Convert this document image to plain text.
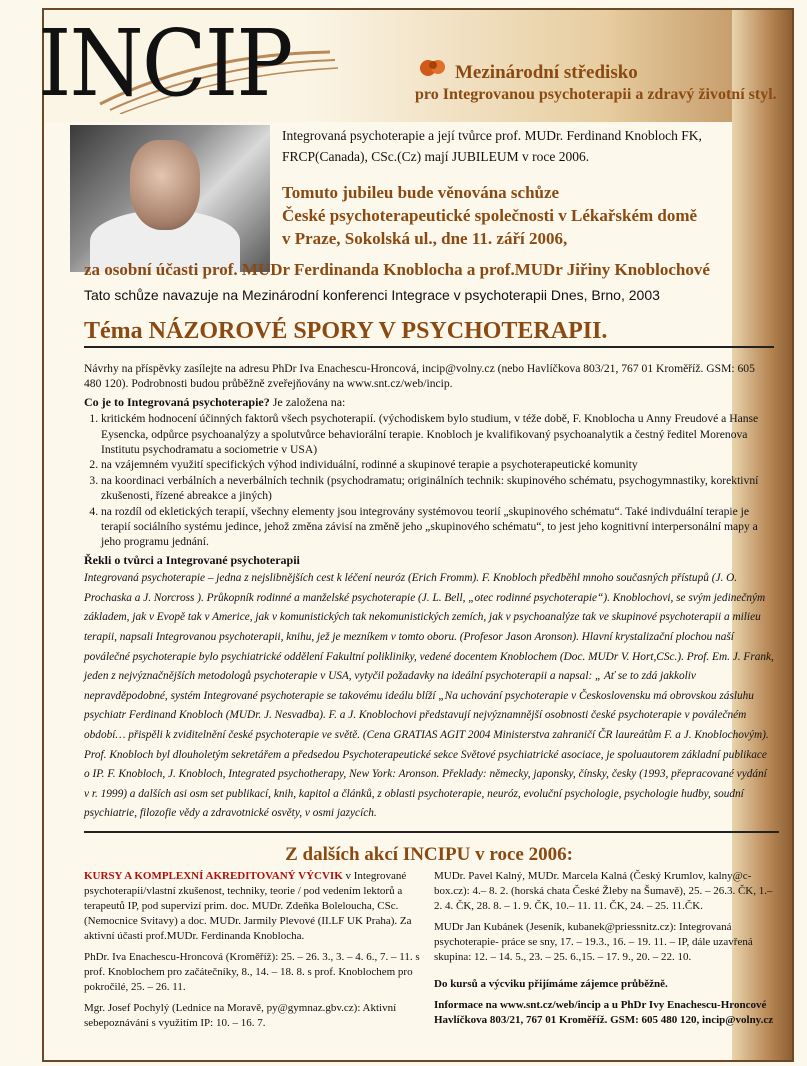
INCIP	Mezinárodní středisko
pro Integrovanou psychoterapii a zdravý životní styl.
Integrovaná psychoterapie a její tvůrce prof. MUDr. Ferdinand Knobloch FK, FRCP(Canada), CSc.(Cz) mají JUBILEUM v roce 2006.
Tomuto jubileu bude věnována schůze
České psychoterapeutické společnosti v Lékařském domě
v Praze, Sokolská ul., dne 11. září 2006,
za osobní účasti prof. MUDr Ferdinanda Knoblocha a prof.MUDr Jiřiny Knoblochové
Tato schůze navazuje na Mezinárodní konferenci Integrace v psychoterapii Dnes, Brno, 2003
Téma NÁZOROVÉ SPORY V PSYCHOTERAPII.

Návrhy na příspěvky zasílejte na adresu PhDr Iva Enachescu-Hroncová, incip@volny.cz (nebo Havlíčkova 803/21, 767 01 Kroměříž. GSM: 605 480 120). Podrobnosti budou průběžně zveřejňovány na www.snt.cz/web/incip.

Co je to Integrovaná psychoterapie? Je založena na:
1. kritickém hodnocení účinných faktorů všech psychoterapií. (východiskem bylo studium, v téže době, F. Knoblocha u Anny Freudové a Hanse Eysencka, odpůrce psychoanalýzy a spolutvůrce behaviorální terapie. Knobloch je kvalifikovaný psychoanalytik a čestný ředitel Morenova Institutu psychodramatu a sociometrie v USA)
2. na vzájemném využití specifických výhod individuální, rodinné a skupinové terapie a psychoterapeutické komunity
3. na koordinaci verbálních a neverbálních technik (psychodramatu; originálních technik: skupinového schématu, psychogymnastiky, korektivní zkušenosti, řízené abreakce a jiných)
4. na rozdíl od ekletických terapií, všechny elementy jsou integrovány systémovou teorií „skupinového schématu“. Také indivduální terapie je terapií sociálního systému jedince, jehož změna závisí na změně jeho „skupinového schématu“, to jest jeho kognitivní interpersonální mapy a jeho programu jednání.
Řekli o tvůrci a Integrované psychoterapii

Integrovaná psychoterapie – jedna z nejslibnějších cest k léčení neuróz (Erich Fromm). F. Knobloch předběhl mnoho současných přístupů (J. O. Prochaska a J. Norcross ). Průkopník rodinné a manželské psychoterapie (J. L. Bell, „otec rodinné psychoterapie“). Knoblochovi, se svým jedinečným základem, jak v Evopě tak v Americe, jak v komunistických tak nekomunistických zemích, jak v psychoanalýze tak ve skupinové psychoterapii a milieu terapii, napsali Integrovanou psychoterapii, knihu, jež je mezníkem v tomto oboru. (Profesor Jason Aronson). Hlavní krystalizační plochou naší poválečné psychoterapie bylo psychiatrické oddělení Fakultní polikliniky, vedené docentem Knoblochem (Doc. MUDr V. Hort,CSc.). Prof. Em. J. Frank, jeden z nejvýznačnějších metodologů psychoterapie v USA, vytyčil požadavky na ideální psychoterapii a napsal: „ Ať se to zdá jakkoliv nepravděpodobné, systém Integrované psychoterapie se takovému ideálu blíží „Na uchování psychoterapie v Československu má obrovskou zásluhu psychiatr Ferdinand Knobloch (MUDr. J. Nesvadba). F. a J. Knoblochovi představují nejvýznamnější osobnosti české psychoterapie v poválečném období… přispěli k zviditelnění české psychoterapie ve světě. (Cena GRATIAS AGIT 2004 Ministerstva zahraničí ČR laureátům F. a J. Knoblochovým).

Prof. Knobloch byl dlouholetým sekretářem a předsedou Psychoterapeutické sekce Světové psychiatrické asociace, je spoluautorem základní publikace o IP. F. Knobloch, J. Knobloch, Integrated psychotherapy, New York: Aronson. Překlady: německy, japonsky, čínsky, česky (1993, přepracované vydání v r. 1999) a dalších asi osm set publikací, knih, kapitol a článků, z oblasti psychoterapie, neuróz, evoluční psychologie, psychologie hudby, soudní psychiatrie, filozofie vědy a zdravotnické osvěty, v osmi jazycích.

Z dalších akcí INCIPU v roce 2006:

KURSY A KOMPLEXNÍ AKREDITOVANÝ VÝCVIK v Integrované psychoterapii/vlastní zkušenost, techniky, teorie / pod vedením lektorů a terapeutů IP, pod supervizí prim. doc. MUDr. Zdeňka Boleloucha, CSc. (Nemocnice Svitavy) a doc. MUDr. Jarmily Plevové (II.LF UK Praha). Za aktivní účasti prof.MUDr. Ferdinanda Knoblocha.

PhDr. Iva Enachescu-Hroncová (Kroměříž): 25. – 26. 3., 3. – 4. 6., 7. – 11. s prof. Knoblochem pro začátečníky, 8., 14. – 18. 8. s prof. Knoblochem pro pokročilé, 25. – 26. 11.

Mgr. Josef Pochylý (Lednice na Moravě, py@gymnaz.gbv.cz): Aktivní sebepoznávání s využitím IP: 10. – 16. 7.

MUDr. Pavel Kalný, MUDr. Marcela Kalná (Český Krumlov, kalny@c-box.cz): 4.– 8. 2. (horská chata České Žleby na Šumavě), 25. – 26.3. ČK, 1.– 2. 4. ČK, 28. 8. – 1. 9. ČK, 10.– 11. 11. ČK, 24. – 25. 11.ČK.

MUDr Jan Kubánek (Jeseník, kubanek@priessnitz.cz): Integrovaná psychoterapie- práce se sny, 17. – 19.3., 16. – 19. 11. – IP, dále uzavřená skupina: 12. – 14. 5., 23. – 25. 6.,15. – 17. 9., 20. – 22. 10.

Do kursů a výcviku přijímáme zájemce průběžně.

Informace na www.snt.cz/web/incip a u PhDr Ivy Enachescu-Hroncové Havlíčkova 803/21, 767 01 Kroměříž. GSM: 605 480 120, incip@volny.cz
